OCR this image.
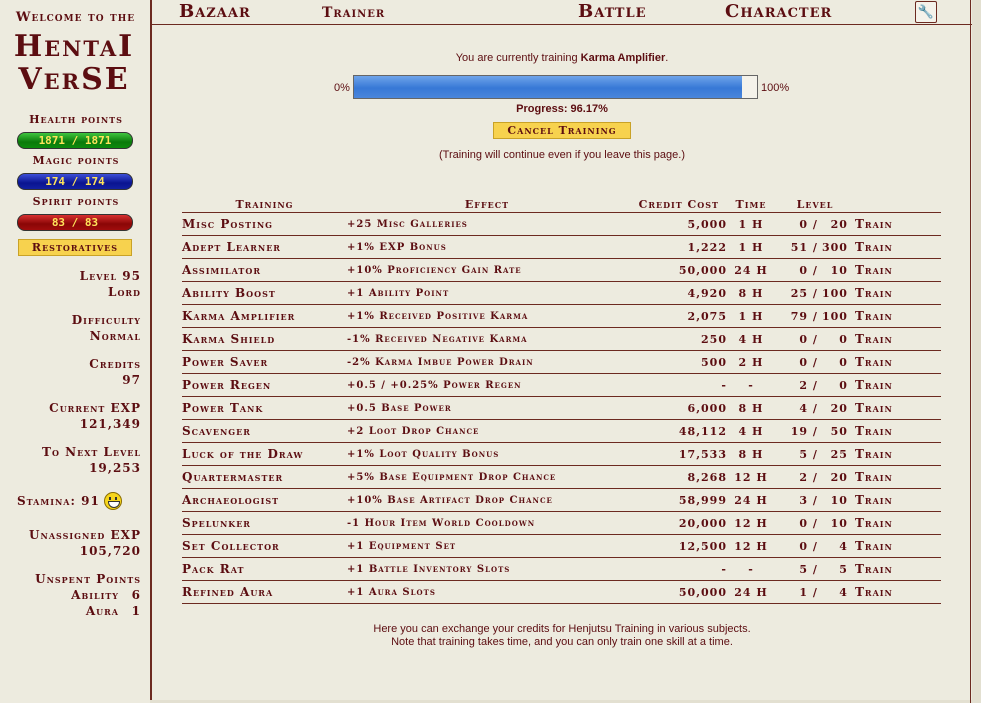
Welcome to the
HentaI
VerSE
Health points
1871 / 1871
Magic points
174 / 174
Spirit points
83 / 83
Restoratives
Level 95
Lord
Difficulty
Normal
Credits
97
Current EXP
121,349
To Next Level
19,253
Stamina: 91
Unassigned EXP
105,720
Unspent Points
Ability	6
Aura	1
Bazaar	Trainer	Battle	Character	🔧
You are currently training Karma Amplifier.
0%	100%
Progress: 96.17%
Cancel Training
(Training will continue even if you leave this page.)
Training	Effect	Credit Cost	Time	Level	
Misc Posting	+25 Misc Galleries	5,000	1 H	0 / 20	Train
Adept Learner	+1% EXP Bonus	1,222	1 H	51 / 300	Train
Assimilator	+10% Proficiency Gain Rate	50,000	24 H	0 / 10	Train
Ability Boost	+1 Ability Point	4,920	8 H	25 / 100	Train
Karma Amplifier	+1% Received Positive Karma	2,075	1 H	79 / 100	Train
Karma Shield	-1% Received Negative Karma	250	4 H	0 / 0	Train
Power Saver	-2% Karma Imbue Power Drain	500	2 H	0 / 0	Train
Power Regen	+0.5 / +0.25% Power Regen	-	-	2 / 0	Train
Power Tank	+0.5 Base Power	6,000	8 H	4 / 20	Train
Scavenger	+2 Loot Drop Chance	48,112	4 H	19 / 50	Train
Luck of the Draw	+1% Loot Quality Bonus	17,533	8 H	5 / 25	Train
Quartermaster	+5% Base Equipment Drop Chance	8,268	12 H	2 / 20	Train
Archaeologist	+10% Base Artifact Drop Chance	58,999	24 H	3 / 10	Train
Spelunker	-1 Hour Item World Cooldown	20,000	12 H	0 / 10	Train
Set Collector	+1 Equipment Set	12,500	12 H	0 / 4	Train
Pack Rat	+1 Battle Inventory Slots	-	-	5 / 5	Train
Refined Aura	+1 Aura Slots	50,000	24 H	1 / 4	Train
Here you can exchange your credits for Henjutsu Training in various subjects.
Note that training takes time, and you can only train one skill at a time.
